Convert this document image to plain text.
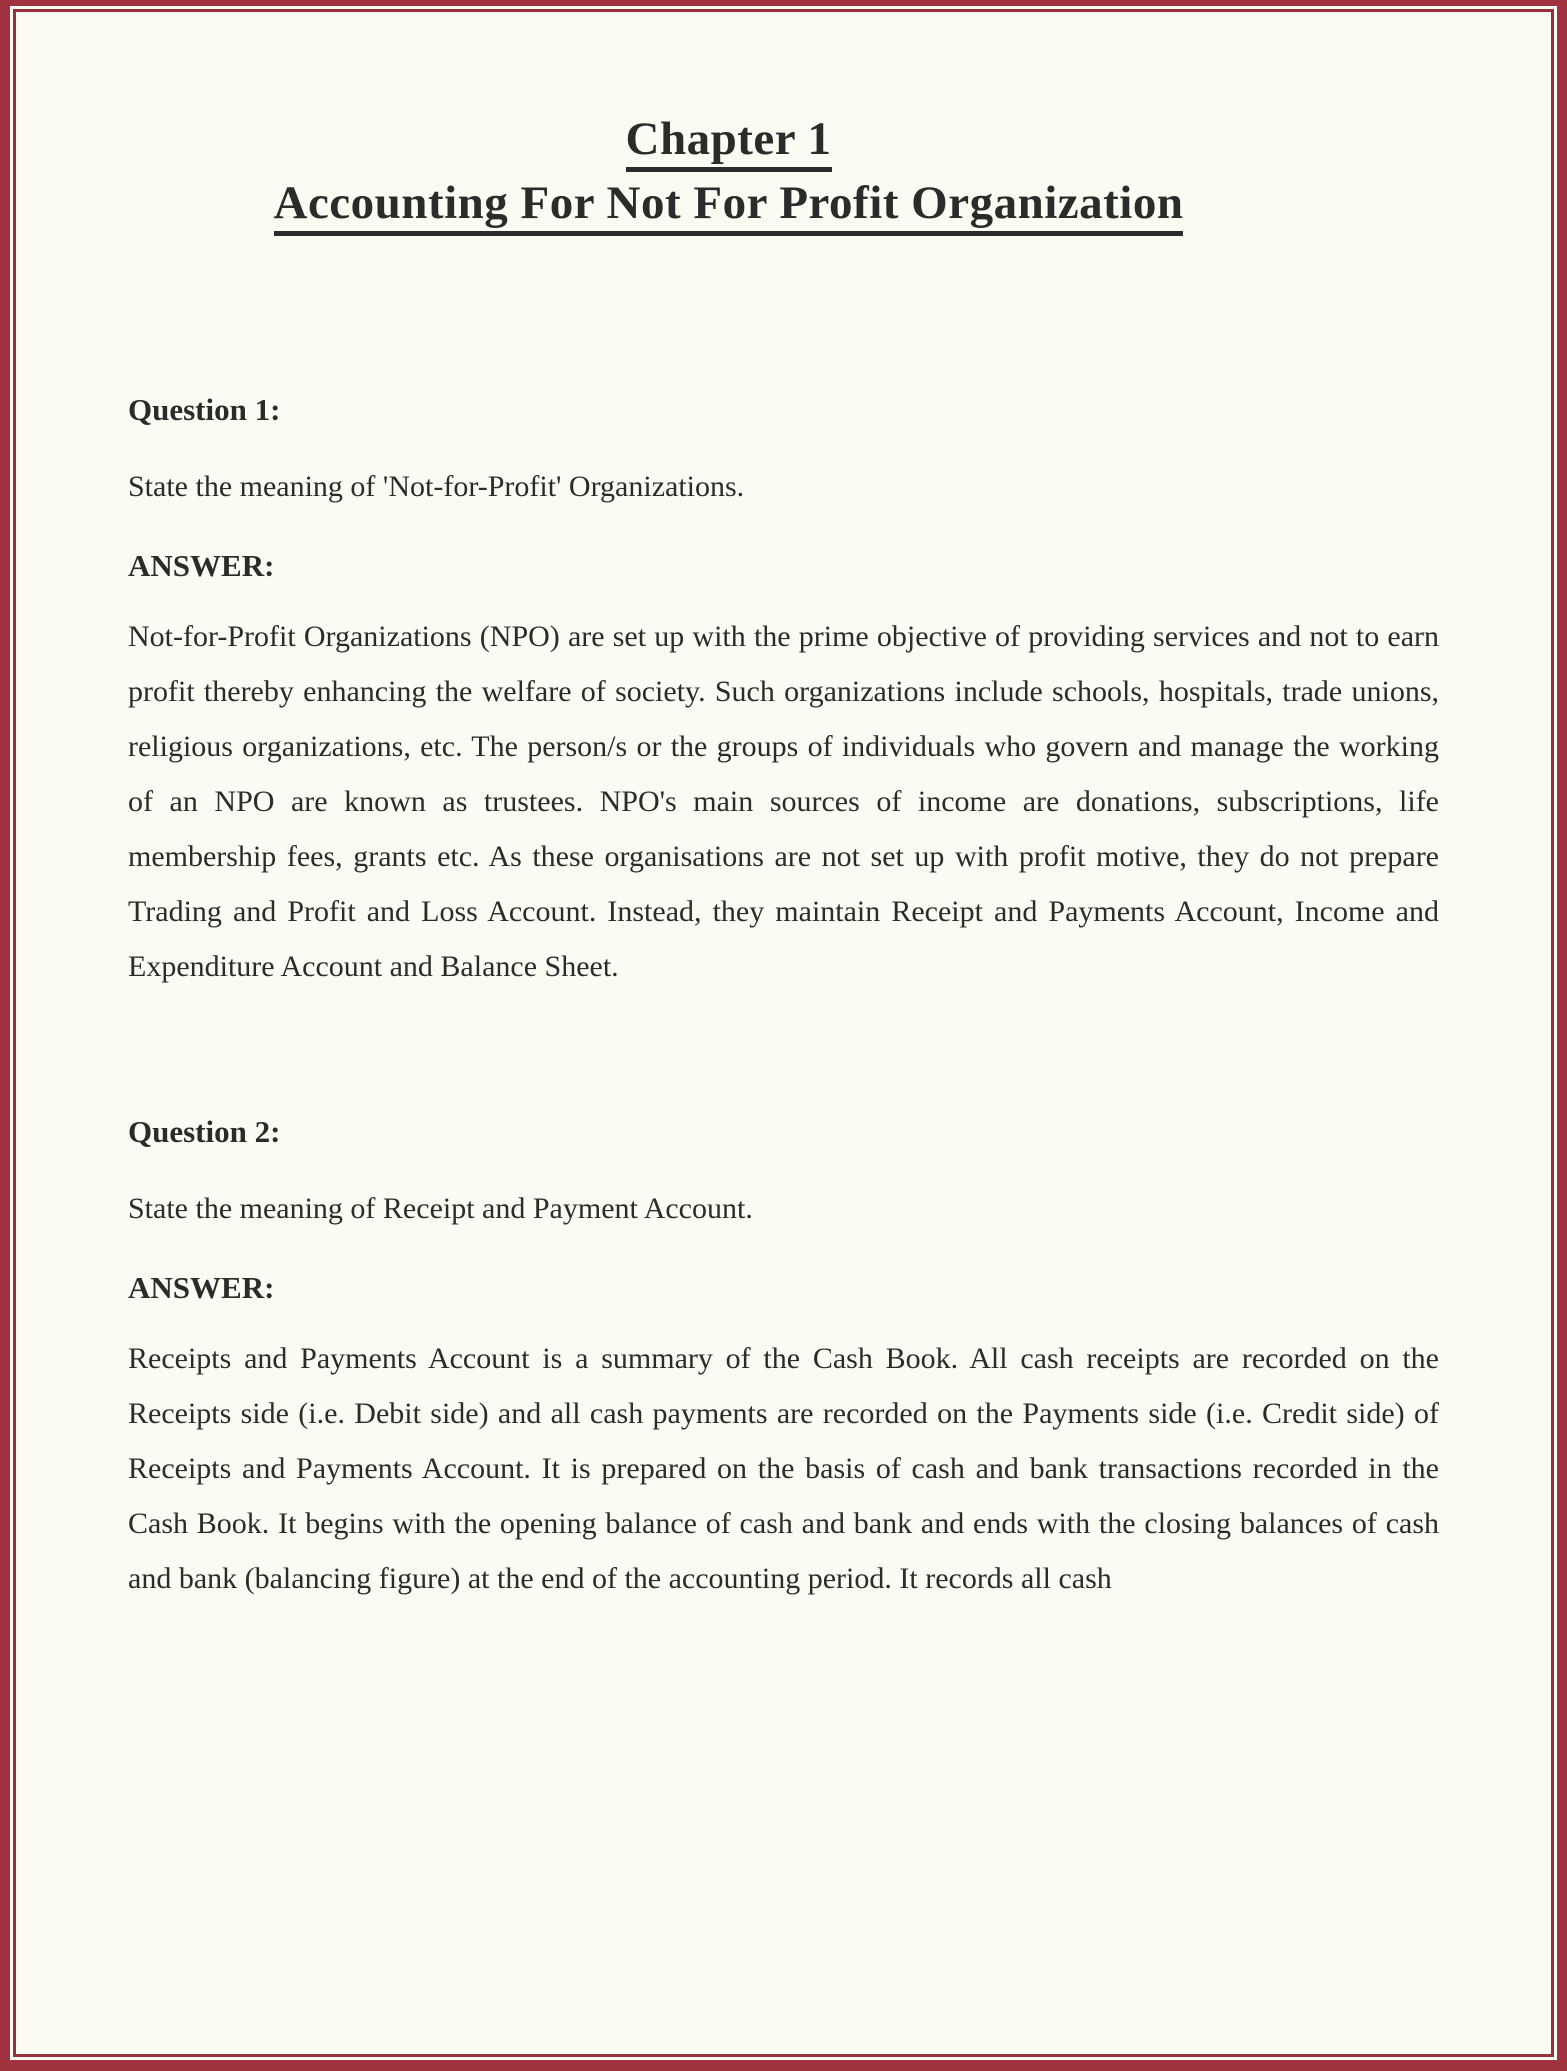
Chapter 1
Accounting For Not For Profit Organization
Question 1:
State the meaning of 'Not-for-Profit' Organizations.
ANSWER:
Not-for-Profit Organizations (NPO) are set up with the prime objective of providing services and not to earn profit thereby enhancing the welfare of society. Such organizations include schools, hospitals, trade unions, religious organizations, etc. The person/s or the groups of individuals who govern and manage the working of an NPO are known as trustees. NPO's main sources of income are donations, subscriptions, life membership fees, grants etc. As these organisations are not set up with profit motive, they do not prepare Trading and Profit and Loss Account. Instead, they maintain Receipt and Payments Account, Income and Expenditure Account and Balance Sheet.
Question 2:
State the meaning of Receipt and Payment Account.
ANSWER:
Receipts and Payments Account is a summary of the Cash Book. All cash receipts are recorded on the Receipts side (i.e. Debit side) and all cash payments are recorded on the Payments side (i.e. Credit side) of Receipts and Payments Account. It is prepared on the basis of cash and bank transactions recorded in the Cash Book. It begins with the opening balance of cash and bank and ends with the closing balances of cash and bank (balancing figure) at the end of the accounting period. It records all cash
